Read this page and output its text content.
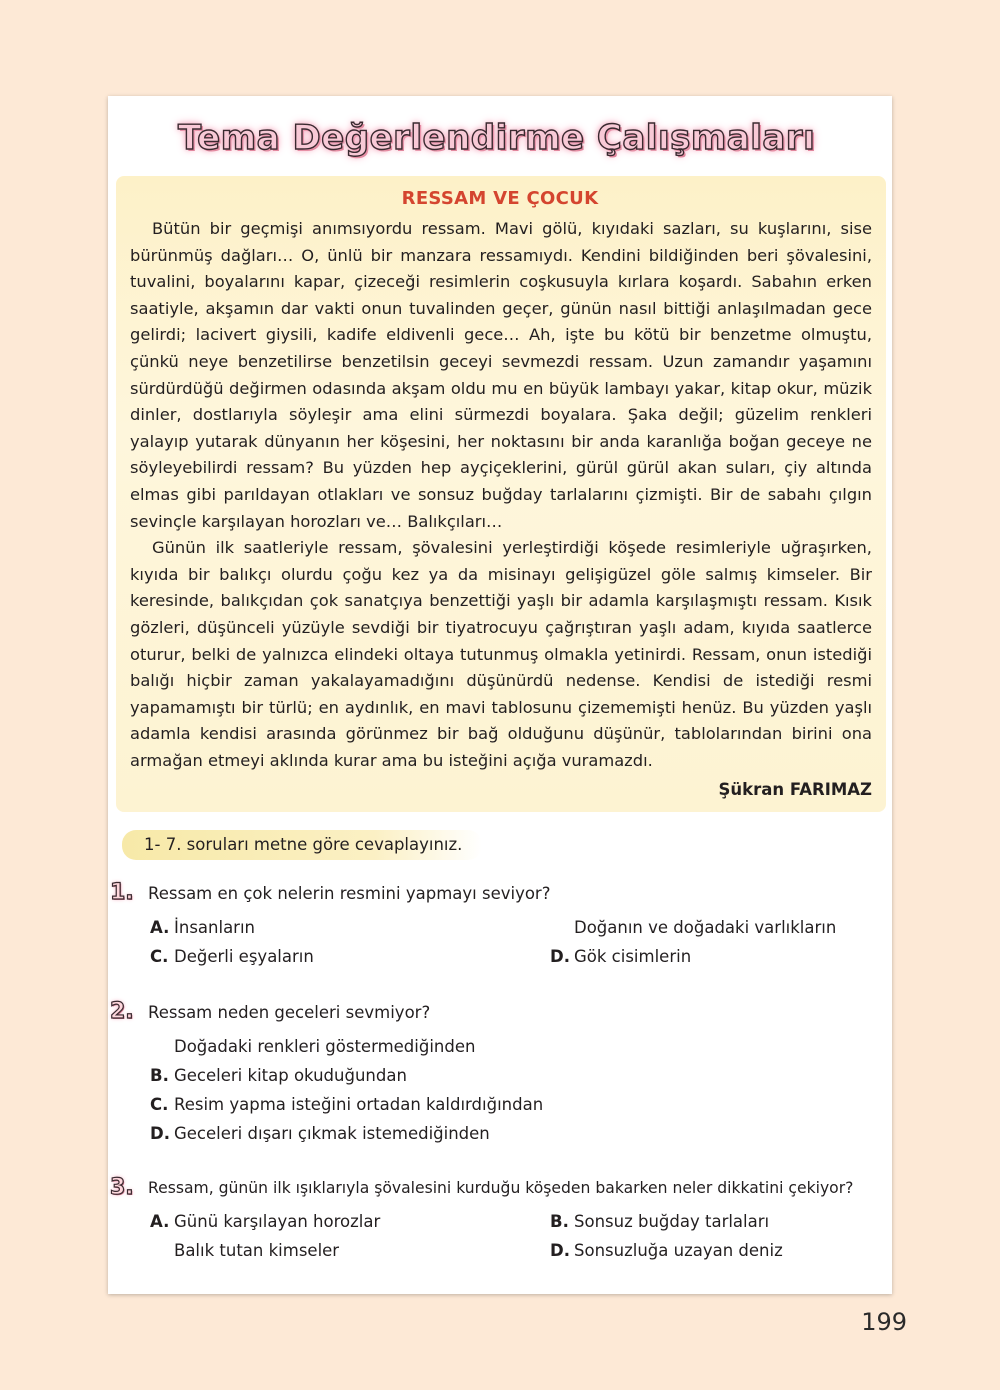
Tema Değerlendirme Çalışmaları
RESSAM VE ÇOCUK

Bütün bir geçmişi anımsıyordu ressam. Mavi gölü, kıyıdaki sazları, su kuşlarını, sise bürünmüş dağları… O, ünlü bir manzara ressamıydı. Kendini bildiğinden beri şövalesini, tuvalini, boyalarını kapar, çizeceği resimlerin coşkusuyla kırlara koşardı. Sabahın erken saatiyle, akşamın dar vakti onun tuvalinden geçer, günün nasıl bittiği anlaşılmadan gece gelirdi; lacivert giysili, kadife eldivenli gece… Ah, işte bu kötü bir benzetme olmuştu, çünkü neye benzetilirse benzetilsin geceyi sevmezdi ressam. Uzun zamandır yaşamını sürdürdüğü değirmen odasında akşam oldu mu en büyük lambayı yakar, kitap okur, müzik dinler, dostlarıyla söyleşir ama elini sürmezdi boyalara. Şaka değil; güzelim renkleri yalayıp yutarak dünyanın her köşesini, her noktasını bir anda karanlığa boğan geceye ne söyleyebilirdi ressam? Bu yüzden hep ayçiçeklerini, gürül gürül akan suları, çiy altında elmas gibi parıldayan otlakları ve sonsuz buğday tarlalarını çizmişti. Bir de sabahı çılgın sevinçle karşılayan horozları ve… Balıkçıları…

Günün ilk saatleriyle ressam, şövalesini yerleştirdiği köşede resimleriyle uğraşırken, kıyıda bir balıkçı olurdu çoğu kez ya da misinayı gelişigüzel göle salmış kimseler. Bir keresinde, balıkçıdan çok sanatçıya benzettiği yaşlı bir adamla karşılaşmıştı ressam. Kısık gözleri, düşünceli yüzüyle sevdiği bir tiyatrocuyu çağrıştıran yaşlı adam, kıyıda saatlerce oturur, belki de yalnızca elindeki oltaya tutunmuş olmakla yetinirdi. Ressam, onun istediği balığı hiçbir zaman yakalayamadığını düşünürdü nedense. Kendisi de istediği resmi yapamamıştı bir türlü; en aydınlık, en mavi tablosunu çizememişti henüz. Bu yüzden yaşlı adamla kendisi arasında görünmez bir bağ olduğunu düşünür, tablolarından birini ona armağan etmeyi aklında kurar ama bu isteğini açığa vuramazdı.

Şükran FARIMAZ
1- 7. soruları metne göre cevaplayınız.
1. Ressam en çok nelerin resmini yapmayı seviyor?
A. İnsanların	B. Doğanın ve doğadaki varlıkların
C. Değerli eşyaların	D. Gök cisimlerin
2. Ressam neden geceleri sevmiyor?
A. Doğadaki renkleri göstermediğinden
B. Geceleri kitap okuduğundan
C. Resim yapma isteğini ortadan kaldırdığından
D. Geceleri dışarı çıkmak istemediğinden
3. Ressam, günün ilk ışıklarıyla şövalesini kurduğu köşeden bakarken neler dikkatini çekiyor?
A. Günü karşılayan horozlar	B. Sonsuz buğday tarlaları
C. Balık tutan kimseler	D. Sonsuzluğa uzayan deniz
199
